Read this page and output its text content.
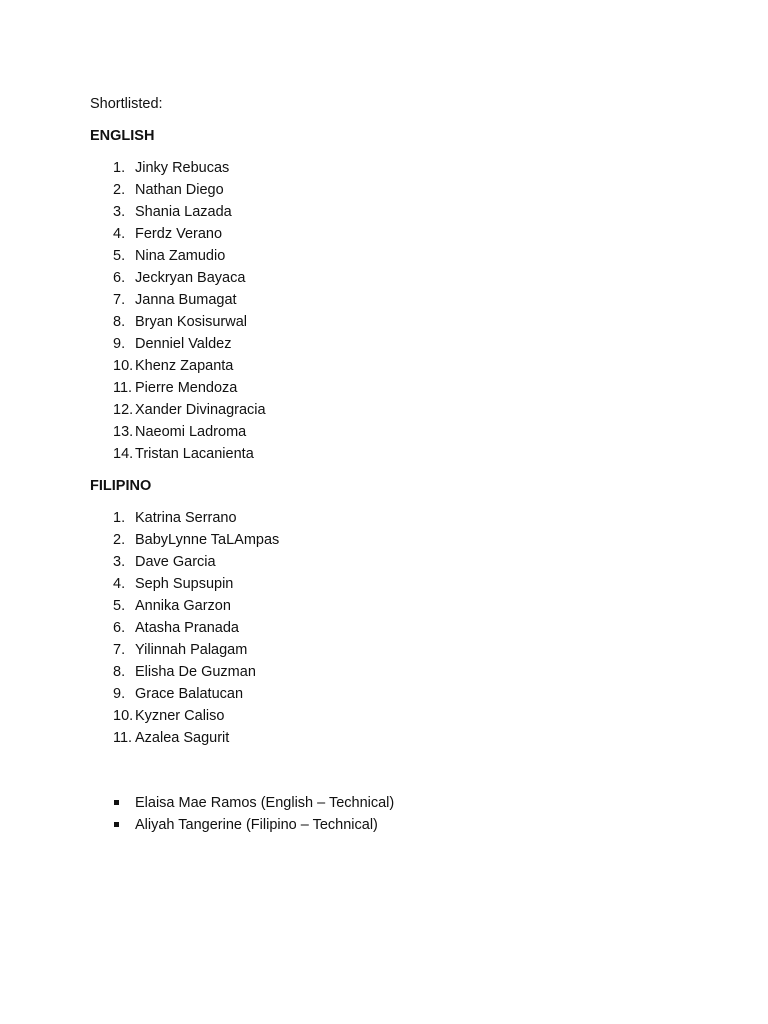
Shortlisted:
ENGLISH
1. Jinky Rebucas
2. Nathan Diego
3. Shania Lazada
4. Ferdz Verano
5. Nina Zamudio
6. Jeckryan Bayaca
7. Janna Bumagat
8. Bryan Kosisurwal
9. Denniel Valdez
10. Khenz Zapanta
11. Pierre Mendoza
12. Xander Divinagracia
13. Naeomi Ladroma
14. Tristan Lacanienta
FILIPINO
1. Katrina Serrano
2. BabyLynne TaLAmpas
3. Dave Garcia
4. Seph Supsupin
5. Annika Garzon
6. Atasha Pranada
7. Yilinnah Palagam
8. Elisha De Guzman
9. Grace Balatucan
10. Kyzner Caliso
11. Azalea Sagurit
Elaisa Mae Ramos (English – Technical)
Aliyah Tangerine (Filipino – Technical)
